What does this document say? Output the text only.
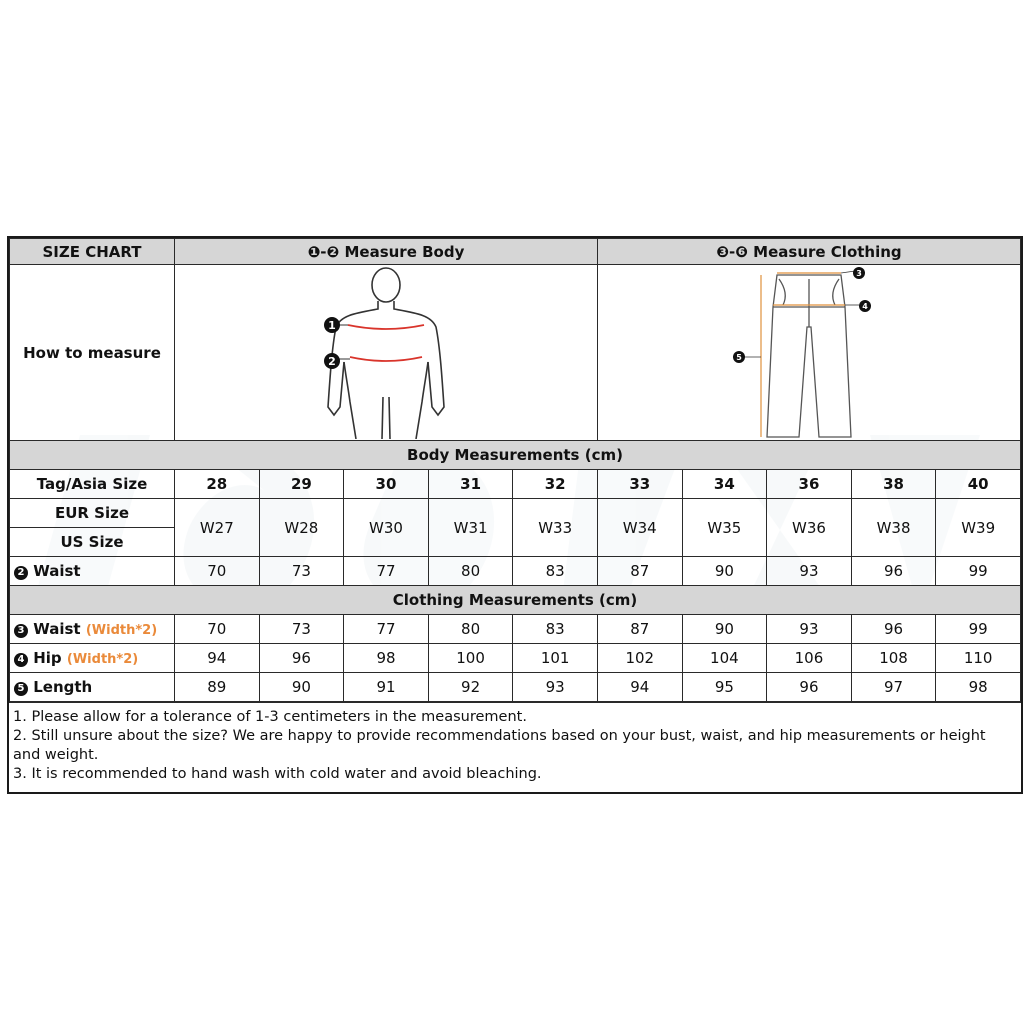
SIZE CHART	❶-❷ Measure Body					❸-❻ Measure Clothing				
How to measure	1
2					3
4
5				

Body Measurements (cm)										
Tag/Asia Size	28	29	30	31	32	33	34	36	38	40
EUR Size	W27	W28	W30	W31	W33	W34	W35	W36	W38	W39
US Size										
2 Waist	70	73	77	80	83	87	90	93	96	99
Clothing Measurements (cm)										
3 Waist (Width*2)	70	73	77	80	83	87	90	93	96	99
4 Hip (Width*2)	94	96	98	100	101	102	104	106	108	110
5 Length	89	90	91	92	93	94	95	96	97	98

1. Please allow for a tolerance of 1-3 centimeters in the measurement.

2. Still unsure about the size? We are happy to provide recommendations based on your bust, waist, and hip measurements or height and weight.

3. It is recommended to hand wash with cold water and avoid bleaching.
